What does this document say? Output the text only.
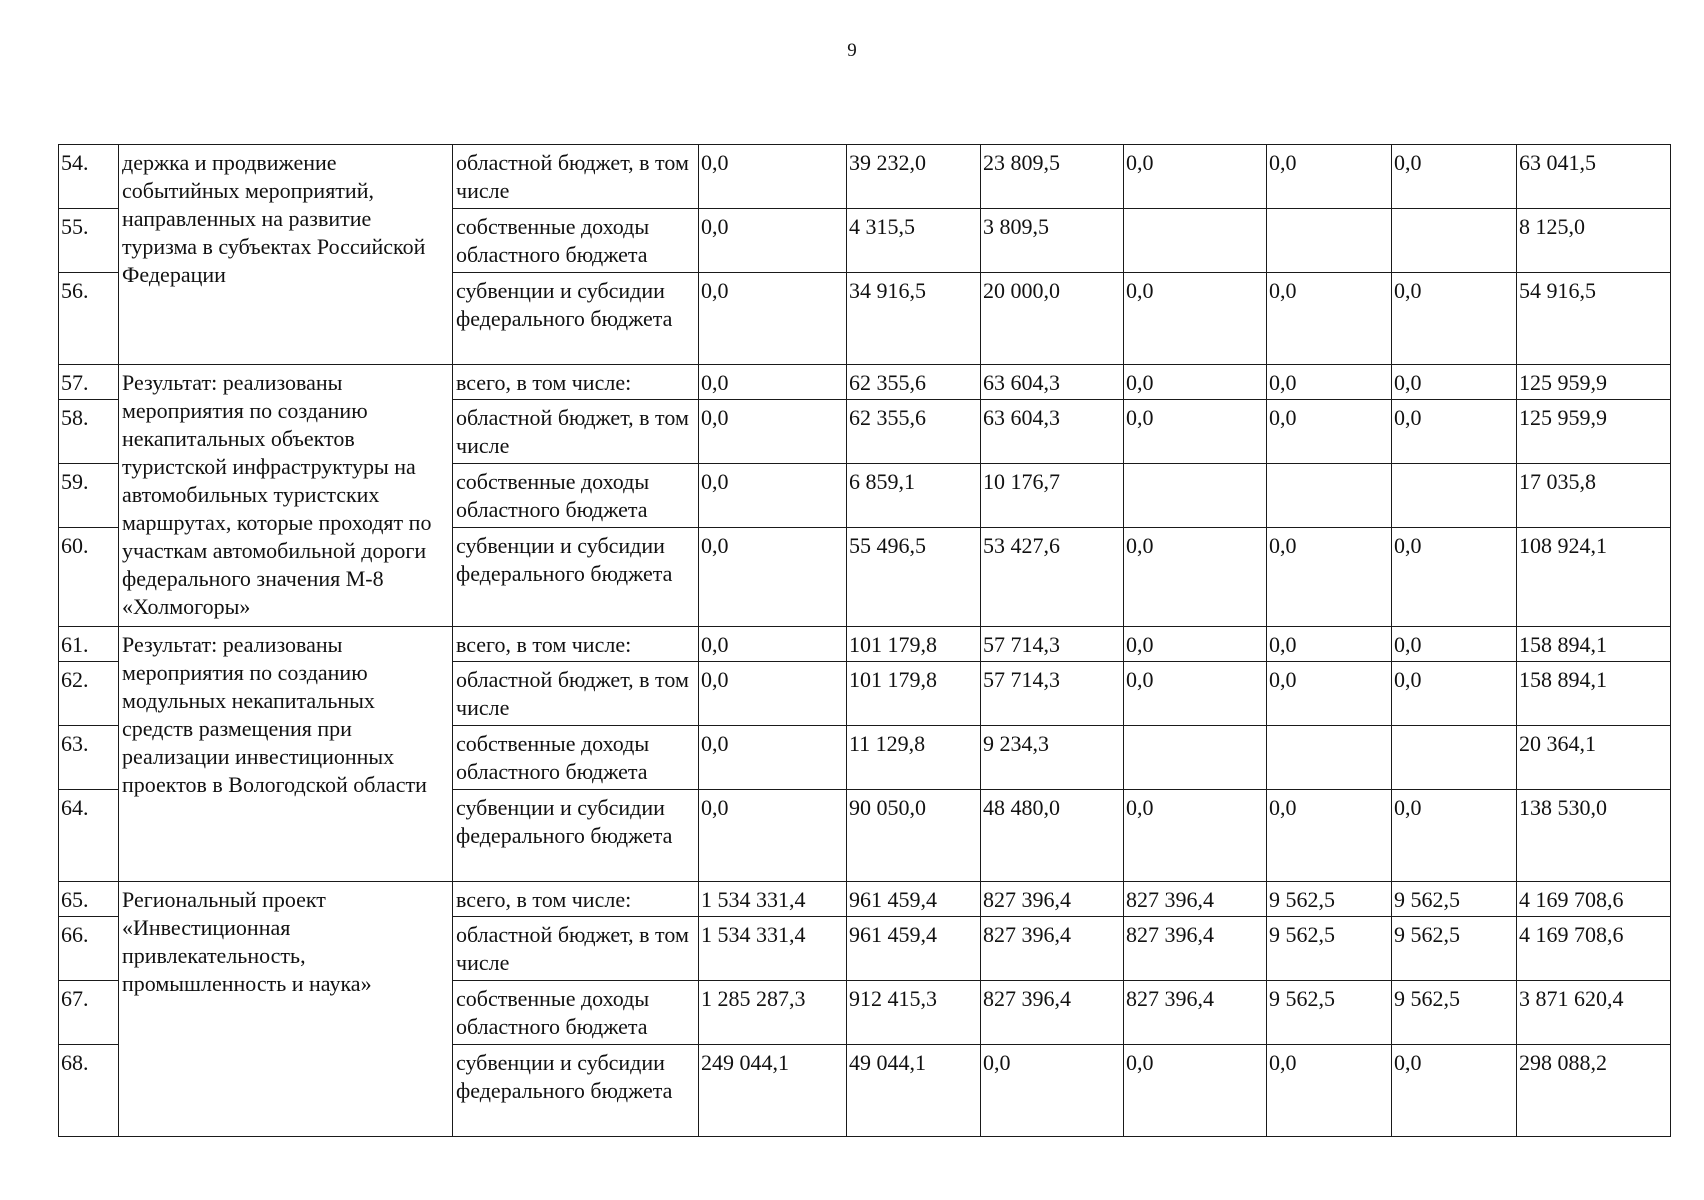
9
54.	держка и продвижение событийных мероприятий, направленных на развитие туризма в субъектах Российской Федерации	областной бюджет, в том числе	0,0	39 232,0	23 809,5	0,0	0,0	0,0	63 041,5
55.		собственные доходы областного бюджета	0,0	4 315,5	3 809,5				8 125,0
56.		субвенции и субсидии федерального бюджета	0,0	34 916,5	20 000,0	0,0	0,0	0,0	54 916,5
57.	Результат: реализованы мероприятия по созданию некапитальных объектов туристской инфраструктуры на автомобильных туристских маршрутах, которые проходят по участкам автомобильной дороги федерального значения М-8 «Холмогоры»	всего, в том числе:	0,0	62 355,6	63 604,3	0,0	0,0	0,0	125 959,9
58.		областной бюджет, в том числе	0,0	62 355,6	63 604,3	0,0	0,0	0,0	125 959,9
59.		собственные доходы областного бюджета	0,0	6 859,1	10 176,7				17 035,8
60.		субвенции и субсидии федерального бюджета	0,0	55 496,5	53 427,6	0,0	0,0	0,0	108 924,1
61.	Результат: реализованы мероприятия по созданию модульных некапитальных средств размещения при реализации инвестиционных проектов в Вологодской области	всего, в том числе:	0,0	101 179,8	57 714,3	0,0	0,0	0,0	158 894,1
62.		областной бюджет, в том числе	0,0	101 179,8	57 714,3	0,0	0,0	0,0	158 894,1
63.		собственные доходы областного бюджета	0,0	11 129,8	9 234,3				20 364,1
64.		субвенции и субсидии федерального бюджета	0,0	90 050,0	48 480,0	0,0	0,0	0,0	138 530,0
65.	Региональный проект «Инвестиционная привлекательность, промышленность и наука»	всего, в том числе:	1 534 331,4	961 459,4	827 396,4	827 396,4	9 562,5	9 562,5	4 169 708,6
66.		областной бюджет, в том числе	1 534 331,4	961 459,4	827 396,4	827 396,4	9 562,5	9 562,5	4 169 708,6
67.		собственные доходы областного бюджета	1 285 287,3	912 415,3	827 396,4	827 396,4	9 562,5	9 562,5	3 871 620,4
68.		субвенции и субсидии федерального бюджета	249 044,1	49 044,1	0,0	0,0	0,0	0,0	298 088,2
